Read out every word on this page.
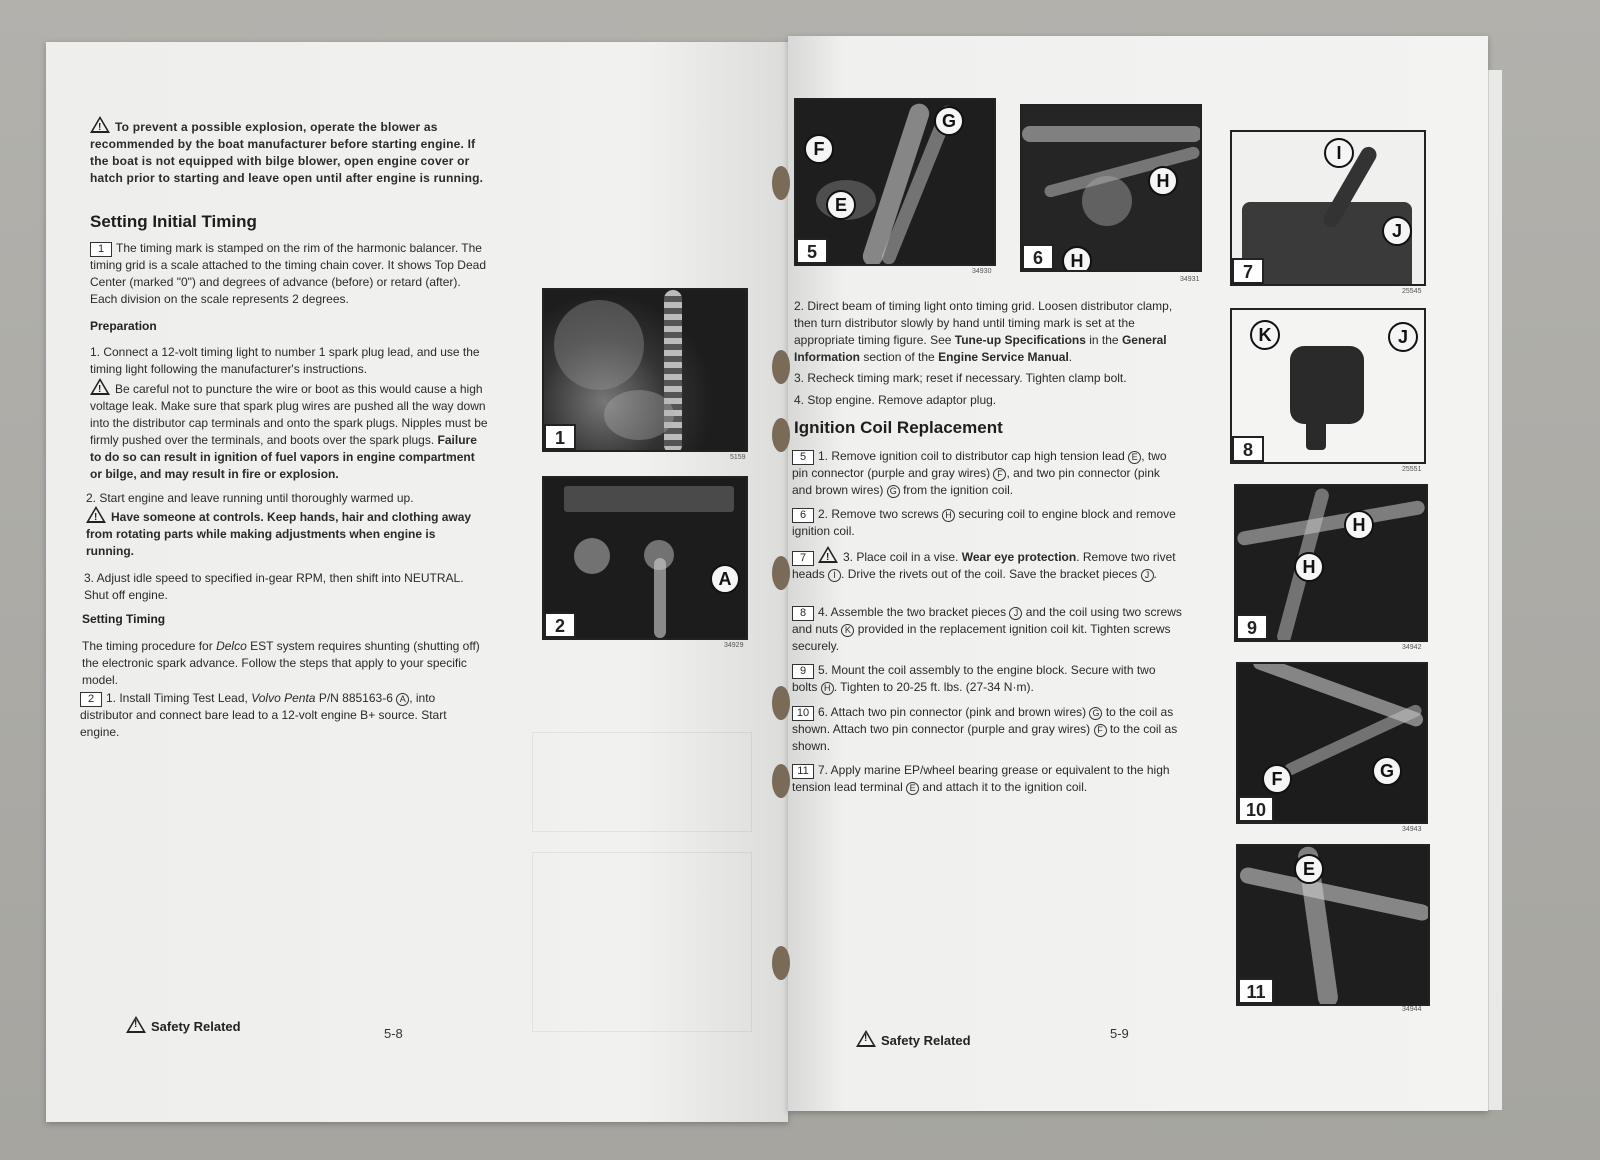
!To prevent a possible explosion, operate the blower as recommended by the boat manufacturer before starting engine. If the boat is not equipped with bilge blower, open engine cover or hatch prior to starting and leave open until after engine is running.
Setting Initial Timing
1 The timing mark is stamped on the rim of the harmonic balancer. The timing grid is a scale attached to the timing chain cover. It shows Top Dead Center (marked "0") and degrees of advance (before) or retard (after). Each division on the scale represents 2 degrees.
Preparation
1. Connect a 12-volt timing light to number 1 spark plug lead, and use the timing light following the manufacturer's instructions.
!Be careful not to puncture the wire or boot as this would cause a high voltage leak. Make sure that spark plug wires are pushed all the way down into the distributor cap terminals and onto the spark plugs. Nipples must be firmly pushed over the terminals, and boots over the spark plugs. Failure to do so can result in ignition of fuel vapors in engine compartment or bilge, and may result in fire or explosion.
2. Start engine and leave running until thoroughly warmed up.
!Have someone at controls. Keep hands, hair and clothing away from rotating parts while making adjustments when engine is running.
3. Adjust idle speed to specified in-gear RPM, then shift into NEUTRAL. Shut off engine.
Setting Timing
The timing procedure for Delco EST system requires shunting (shutting off) the electronic spark advance. Follow the steps that apply to your specific model.
2 1. Install Timing Test Lead, Volvo Penta P/N 885163-6 A , into distributor and connect bare lead to a 12-volt engine B+ source. Start engine.
1
5159
A
2
34929
!Safety Related	5-8
F
G
E
5
34930
H
H
6
34931
I
J
7
25545
K	J
8
25551
H
H
9
34942
F	G
10
34943
E
11
34944
2. Direct beam of timing light onto timing grid. Loosen distributor clamp, then turn distributor slowly by hand until timing mark is set at the appropriate timing figure. See Tune-up Specifications in the General Information section of the Engine Service Manual.
3. Recheck timing mark; reset if necessary. Tighten clamp bolt.
4. Stop engine. Remove adaptor plug.
Ignition Coil Replacement
5 1. Remove ignition coil to distributor cap high tension lead E , two pin connector (purple and gray wires) F , and two pin connector (pink and brown wires) G from the ignition coil.
6 2. Remove two screws H securing coil to engine block and remove ignition coil.
7!	3. Place coil in a vise. Wear eye protection. Remove two rivet heads I . Drive the rivets out of the coil. Save the bracket pieces J .
8 4. Assemble the two bracket pieces J and the coil using two screws and nuts K provided in the replacement ignition coil kit. Tighten screws securely.
9 5. Mount the coil assembly to the engine block. Secure with two bolts H . Tighten to 20-25 ft. lbs. (27-34 N·m).
10 6. Attach two pin connector (pink and brown wires) G to the coil as shown. Attach two pin connector (purple and gray wires) F to the coil as shown.
11 7. Apply marine EP/wheel bearing grease or equivalent to the high tension lead terminal E and attach it to the ignition coil.
!Safety Related	5-9
